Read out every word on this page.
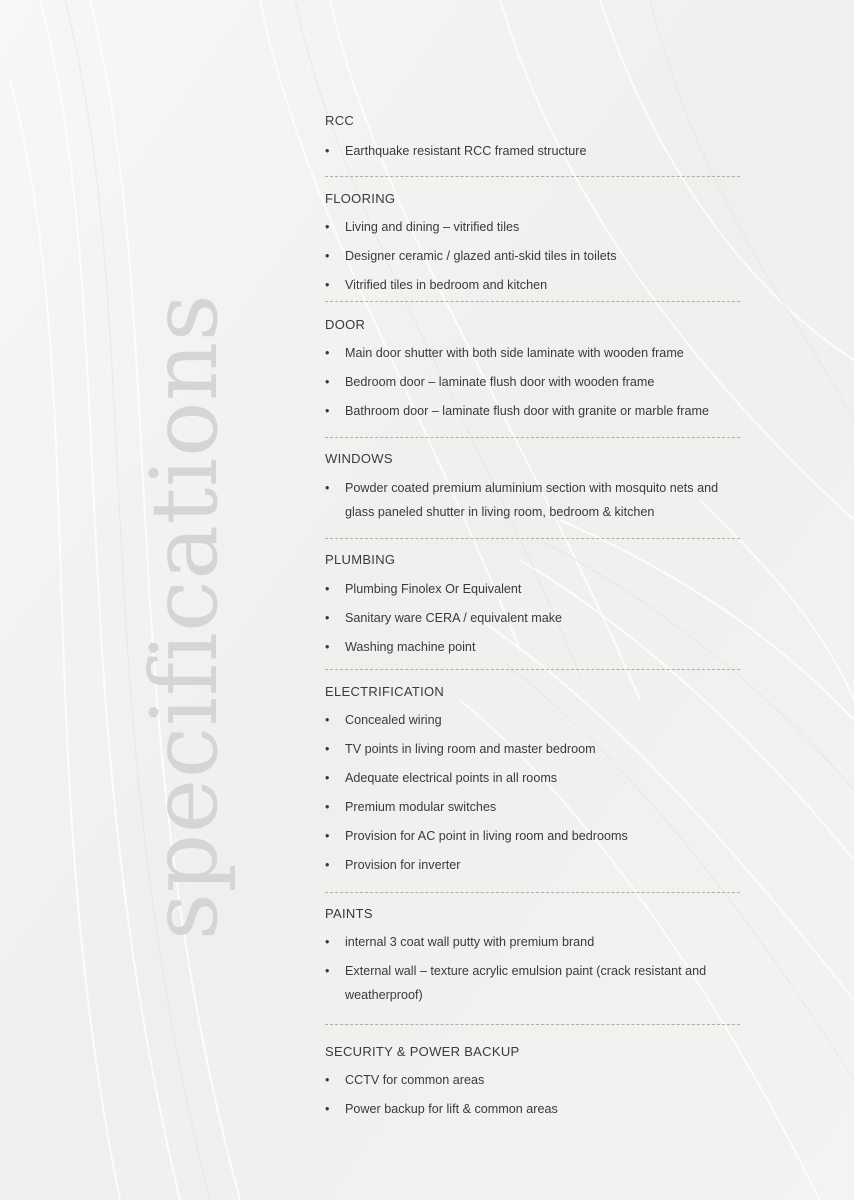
specifications
RCC
• Earthquake resistant RCC framed structure
FLOORING
• Living and dining – vitrified tiles
• Designer ceramic / glazed anti-skid tiles in toilets
• Vitrified tiles in bedroom and kitchen
DOOR
• Main door shutter with both side laminate with wooden frame
• Bedroom door – laminate flush door with wooden frame
• Bathroom door – laminate flush door with granite or marble frame
WINDOWS
• Powder coated premium aluminium section with mosquito nets and glass paneled shutter in living room, bedroom & kitchen
PLUMBING
• Plumbing Finolex Or Equivalent
• Sanitary ware CERA / equivalent make
• Washing machine point
ELECTRIFICATION
• Concealed wiring
• TV points in living room and master bedroom
• Adequate electrical points in all rooms
• Premium modular switches
• Provision for AC point in living room and bedrooms
• Provision for inverter
PAINTS
• internal 3 coat wall putty with premium brand
• External wall – texture acrylic emulsion paint (crack resistant and weatherproof)
SECURITY & POWER BACKUP
• CCTV for common areas
• Power backup for lift & common areas
